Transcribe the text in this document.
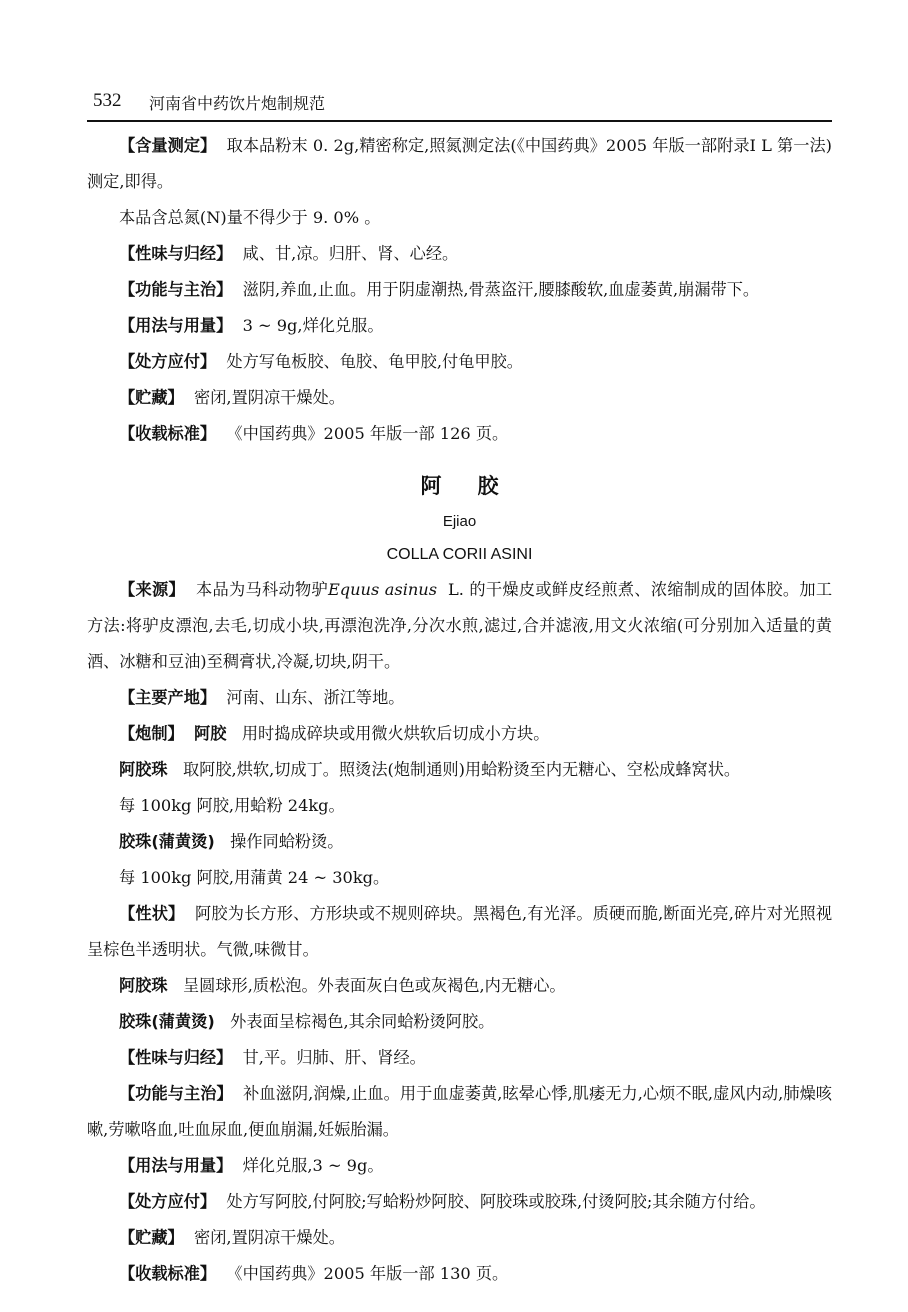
532 河南省中药饮片炮制规范

【含量测定】 取本品粉末 0. 2g,精密称定,照氮测定法(《中国药典》2005 年版一部附录Ⅰ L 第一法)测定,即得。

本品含总氮(N)量不得少于 9. 0% 。

【性味与归经】 咸、甘,凉。归肝、肾、心经。

【功能与主治】 滋阴,养血,止血。用于阴虚潮热,骨蒸盗汗,腰膝酸软,血虚萎黄,崩漏带下。

【用法与用量】 3 ~ 9g,烊化兑服。

【处方应付】 处方写龟板胶、龟胶、龟甲胶,付龟甲胶。

【贮藏】 密闭,置阴凉干燥处。

【收载标准】 《中国药典》2005 年版一部 126 页。

阿胶
Ejiao
COLLA CORII ASINI

【来源】 本品为马科动物驴Equus asinus L. 的干燥皮或鲜皮经煎煮、浓缩制成的固体胶。加工方法:将驴皮漂泡,去毛,切成小块,再漂泡洗净,分次水煎,滤过,合并滤液,用文火浓缩(可分别加入适量的黄酒、冰糖和豆油)至稠膏状,冷凝,切块,阴干。

【主要产地】 河南、山东、浙江等地。

【炮制】 阿胶 用时捣成碎块或用微火烘软后切成小方块。

阿胶珠 取阿胶,烘软,切成丁。照烫法(炮制通则)用蛤粉烫至内无糖心、空松成蜂窝状。

每 100kg 阿胶,用蛤粉 24kg。

胶珠(蒲黄烫) 操作同蛤粉烫。

每 100kg 阿胶,用蒲黄 24 ~ 30kg。

【性状】 阿胶为长方形、方形块或不规则碎块。黑褐色,有光泽。质硬而脆,断面光亮,碎片对光照视呈棕色半透明状。气微,味微甘。

阿胶珠 呈圆球形,质松泡。外表面灰白色或灰褐色,内无糖心。

胶珠(蒲黄烫) 外表面呈棕褐色,其余同蛤粉烫阿胶。

【性味与归经】 甘,平。归肺、肝、肾经。

【功能与主治】 补血滋阴,润燥,止血。用于血虚萎黄,眩晕心悸,肌痿无力,心烦不眠,虚风内动,肺燥咳嗽,劳嗽咯血,吐血尿血,便血崩漏,妊娠胎漏。

【用法与用量】 烊化兑服,3 ~ 9g。

【处方应付】 处方写阿胶,付阿胶;写蛤粉炒阿胶、阿胶珠或胶珠,付烫阿胶;其余随方付给。

【贮藏】 密闭,置阴凉干燥处。

【收载标准】 《中国药典》2005 年版一部 130 页。
